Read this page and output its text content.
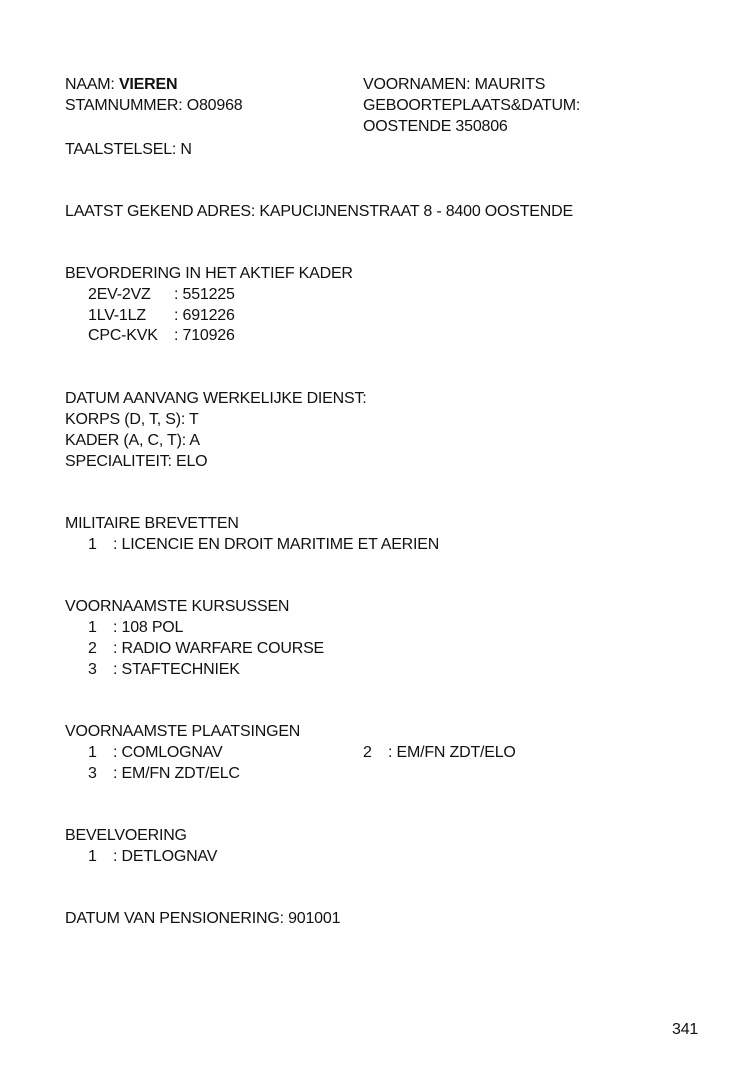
NAAM: VIEREN	VOORNAMEN: MAURITS
STAMNUMMER: O80968	GEBOORTEPLAATS&DATUM:
OOSTENDE 350806
TAALSTELSEL: N
LAATST GEKEND ADRES: KAPUCIJNENSTRAAT 8 - 8400 OOSTENDE
BEVORDERING IN HET AKTIEF KADER
2EV-2VZ : 551225
1LV-1LZ : 691226
CPC-KVK : 710926
DATUM AANVANG WERKELIJKE DIENST:
KORPS (D, T, S): T
KADER (A, C, T): A
SPECIALITEIT: ELO
MILITAIRE BREVETTEN
1 : LICENCIE EN DROIT MARITIME ET AERIEN
VOORNAAMSTE KURSUSSEN
1 : 108 POL
2 : RADIO WARFARE COURSE
3 : STAFTECHNIEK
VOORNAAMSTE PLAATSINGEN
1 : COMLOGNAV	2 : EM/FN ZDT/ELO
3 : EM/FN ZDT/ELC
BEVELVOERING
1 : DETLOGNAV
DATUM VAN PENSIONERING: 901001
341
